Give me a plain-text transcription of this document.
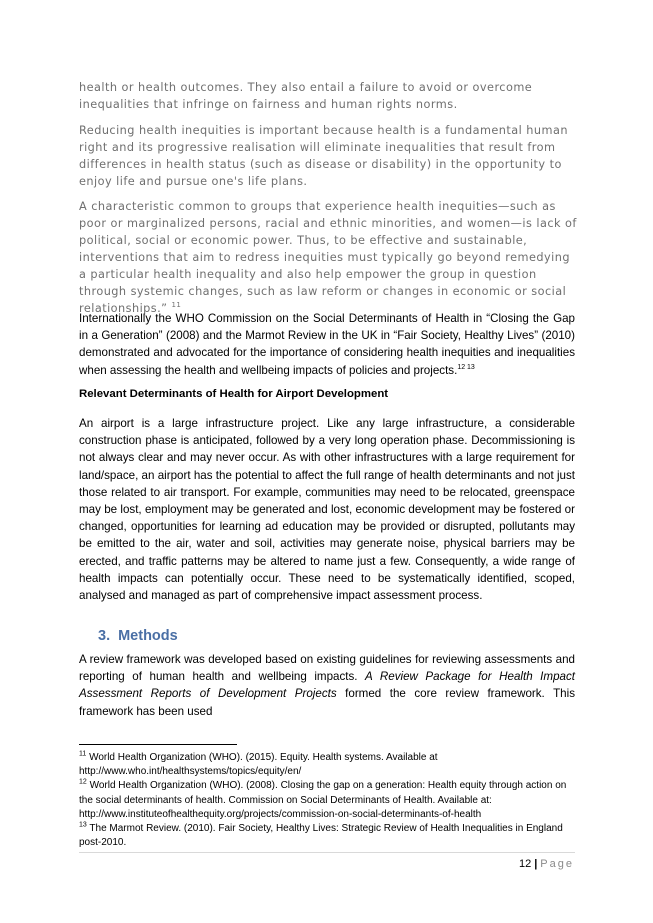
health or health outcomes. They also entail a failure to avoid or overcome inequalities that infringe on fairness and human rights norms.

Reducing health inequities is important because health is a fundamental human right and its progressive realisation will eliminate inequalities that result from differences in health status (such as disease or disability) in the opportunity to enjoy life and pursue one's life plans.

A characteristic common to groups that experience health inequities—such as poor or marginalized persons, racial and ethnic minorities, and women—is lack of political, social or economic power. Thus, to be effective and sustainable, interventions that aim to redress inequities must typically go beyond remedying a particular health inequality and also help empower the group in question through systemic changes, such as law reform or changes in economic or social relationships.” $^{11}$

Internationally the WHO Commission on the Social Determinants of Health in “Closing the Gap in a Generation” (2008) and the Marmot Review in the UK in “Fair Society, Healthy Lives” (2010) demonstrated and advocated for the importance of considering health inequities and inequalities when assessing the health and wellbeing impacts of policies and projects.$^{12 13}$

Relevant Determinants of Health for Airport Development

An airport is a large infrastructure project. Like any large infrastructure, a considerable construction phase is anticipated, followed by a very long operation phase. Decommissioning is not always clear and may never occur. As with other infrastructures with a large requirement for land/space, an airport has the potential to affect the full range of health determinants and not just those related to air transport. For example, communities may need to be relocated, greenspace may be lost, employment may be generated and lost, economic development may be fostered or changed, opportunities for learning ad education may be provided or disrupted, pollutants may be emitted to the air, water and soil, activities may generate noise, physical barriers may be erected, and traffic patterns may be altered to name just a few. Consequently, a wide range of health impacts can potentially occur. These need to be systematically identified, scoped, analysed and managed as part of comprehensive impact assessment process.

3. Methods

A review framework was developed based on existing guidelines for reviewing assessments and reporting of human health and wellbeing impacts. A Review Package for Health Impact Assessment Reports of Development Projects formed the core review framework. This framework has been used

$^{11}$ World Health Organization (WHO). (2015). Equity. Health systems. Available at http://www.who.int/healthsystems/topics/equity/en/

$^{12}$ World Health Organization (WHO). (2008). Closing the gap on a generation: Health equity through action on the social determinants of health. Commission on Social Determinants of Health. Available at: http://www.instituteofhealthequity.org/projects/commission-on-social-determinants-of-health

$^{13}$ The Marmot Review. (2010). Fair Society, Healthy Lives: Strategic Review of Health Inequalities in England post-2010.

12 | Page
